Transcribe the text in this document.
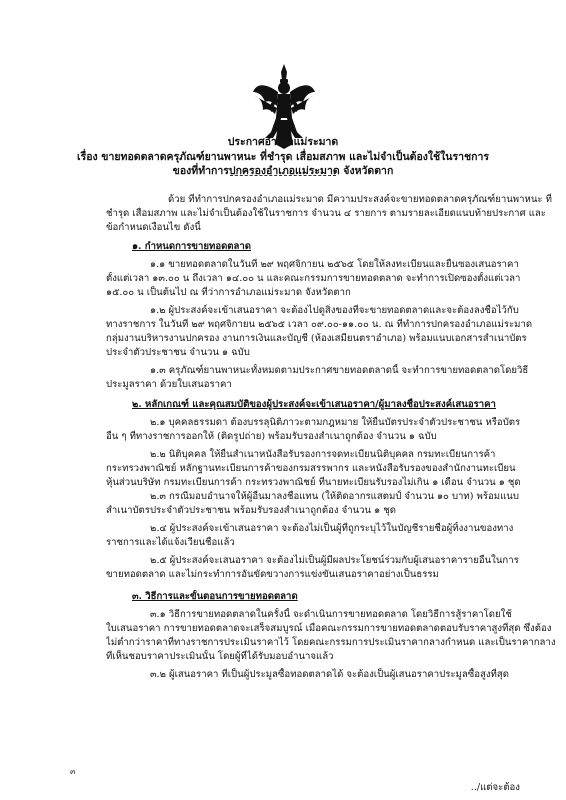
ประกาศอำเภอแม่ระมาด
เรื่อง ขายทอดตลาดครุภัณฑ์ยานพาหนะ ที่ชำรุด เสื่อมสภาพ และไม่จำเป็นต้องใช้ในราชการ
ของที่ทำการปกครองอำเภอแม่ระมาด จังหวัดตาก
ด้วย ที่ทำการปกครองอำเภอแม่ระมาด มีความประสงค์จะขายทอดตลาดครุภัณฑ์ยานพาหนะ ที่
ชำรุด เสื่อมสภาพ และไม่จำเป็นต้องใช้ในราชการ จำนวน ๔ รายการ ตามรายละเอียดแนบท้ายประกาศ และ
ข้อกำหนดเงื่อนไข ดังนี้
๑. กำหนดการขายทอดตลาด
๑.๑ ขายทอดตลาดในวันที่ ๒๙ พฤศจิกายน ๒๕๖๕ โดยให้ลงทะเบียนและยื่นซองเสนอราคา
ตั้งแต่เวลา ๑๓.๐๐ น ถึงเวลา ๑๔.๐๐ น และคณะกรรมการขายทอดตลาด จะทำการเปิดซองตั้งแต่เวลา
๑๕.๐๐ น เป็นต้นไป ณ ที่ว่าการอำเภอแม่ระมาด จังหวัดตาก
๑.๒ ผู้ประสงค์จะเข้าเสนอราคา จะต้องไปดูสิ่งของที่จะขายทอดตลาดและจะต้องลงชื่อไว้กับ
ทางราชการ ในวันที่ ๒๙ พฤศจิกายน ๒๕๖๕ เวลา ๐๙.๐๐-๑๑.๐๐ น. ณ ที่ทำการปกครองอำเภอแม่ระมาด
กลุ่มงานบริหารงานปกครอง งานการเงินและบัญชี (ห้องเสมียนตราอำเภอ) พร้อมแนบเอกสารสำเนาบัตร
ประจำตัวประชาชน จำนวน ๑ ฉบับ
๑.๓ ครุภัณฑ์ยานพาหนะทั้งหมดตามประกาศขายทอดตลาดนี้ จะทำการขายทอดตลาดโดยวิธี
ประมูลราคา ด้วยใบเสนอราคา
๒. หลักเกณฑ์ และคุณสมบัติของผู้ประสงค์จะเข้าเสนอราคา/ผู้มาลงชื่อประสงค์เสนอราคา
๒.๑ บุคคลธรรมดา ต้องบรรลุนิติภาวะตามกฎหมาย ให้ยื่นบัตรประจำตัวประชาชน หรือบัตร
อื่น ๆ ที่ทางราชการออกให้ (ติดรูปถ่าย) พร้อมรับรองสำเนาถูกต้อง จำนวน ๑ ฉบับ
๒.๒ นิติบุคคล ให้ยื่นสำเนาหนังสือรับรองการจดทะเบียนนิติบุคคล กรมทะเบียนการค้า
กระทรวงพาณิชย์ หลักฐานทะเบียนการค้าของกรมสรรพากร และหนังสือรับรองของสำนักงานทะเบียน
หุ้นส่วนบริษัท กรมทะเบียนการค้า กระทรวงพาณิชย์ ที่นายทะเบียนรับรองไม่เกิน ๑ เดือน จำนวน ๑ ชุด
๒.๓ กรณีมอบอำนาจให้ผู้อื่นมาลงชื่อแทน (ให้ติดอากรแสตมป์ จำนวน ๑๐ บาท) พร้อมแนบ
สำเนาบัตรประจำตัวประชาชน พร้อมรับรองสำเนาถูกต้อง จำนวน ๑ ชุด
๒.๔ ผู้ประสงค์จะเข้าเสนอราคา จะต้องไม่เป็นผู้ที่ถูกระบุไว้ในบัญชีรายชื่อผู้ทิ้งงานของทาง
ราชการและได้แจ้งเวียนชื่อแล้ว
๒.๕ ผู้ประสงค์จะเสนอราคา จะต้องไม่เป็นผู้มีผลประโยชน์ร่วมกับผู้เสนอราคารายอื่นในการ
ขายทอดตลาด และไม่กระทำการอันขัดขวางการแข่งขันเสนอราคาอย่างเป็นธรรม
๓. วิธีการและขั้นตอนการขายทอดตลาด
๓.๑ วิธีการขายทอดตลาดในครั้งนี้ จะดำเนินการขายทอดตลาด โดยวิธีการสู้ราคาโดยใช้
ใบเสนอราคา การขายทอดตลาดจะเสร็จสมบูรณ์ เมื่อคณะกรรมการขายทอดตลาดตอบรับราคาสูงที่สุด ซึ่งต้อง
ไม่ต่ำกว่าราคาที่ทางราชการประเมินราคาไว้ โดยคณะกรรมการประเมินราคากลางกำหนด และเป็นราคากลาง
ที่เห็นชอบราคาประเมินนั้น โดยผู้ที่ได้รับมอบอำนาจแล้ว
๓.๒ ผู้เสนอราคา ที่เป็นผู้ประมูลซื้อทอดตลาดได้ จะต้องเป็นผู้เสนอราคาประมูลซื้อสูงที่สุด
๓
../แต่จะต้อง
